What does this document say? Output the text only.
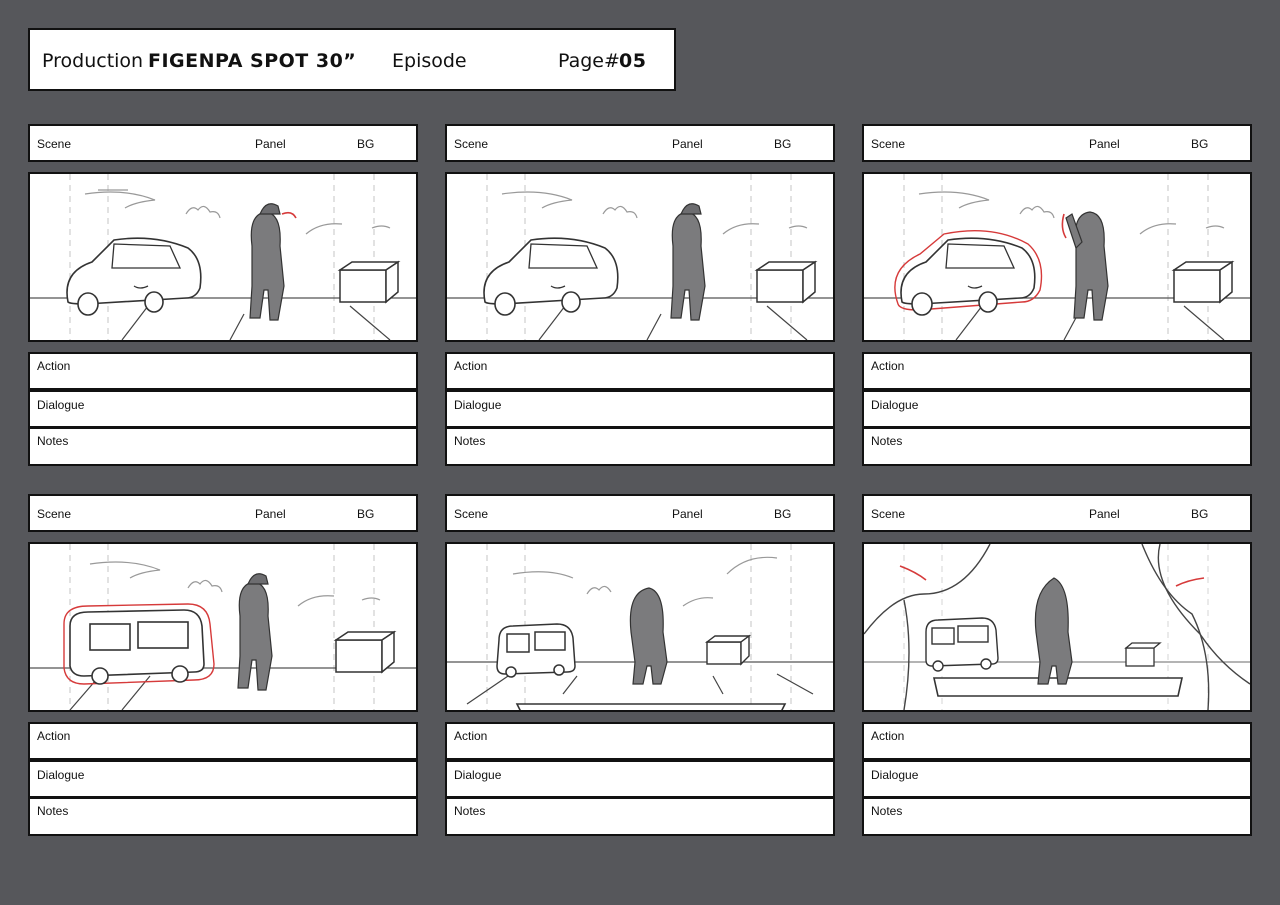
Production FIGENPA SPOT 30” Episode	Page# 05
Scene	Panel	BG
Action
Dialogue
Notes
Scene	Panel	BG
Action
Dialogue
Notes
Scene	Panel	BG
Action
Dialogue
Notes
Scene	Panel	BG
Action
Dialogue
Notes
Scene	Panel	BG
Action
Dialogue
Notes
Scene	Panel	BG
Action
Dialogue
Notes
